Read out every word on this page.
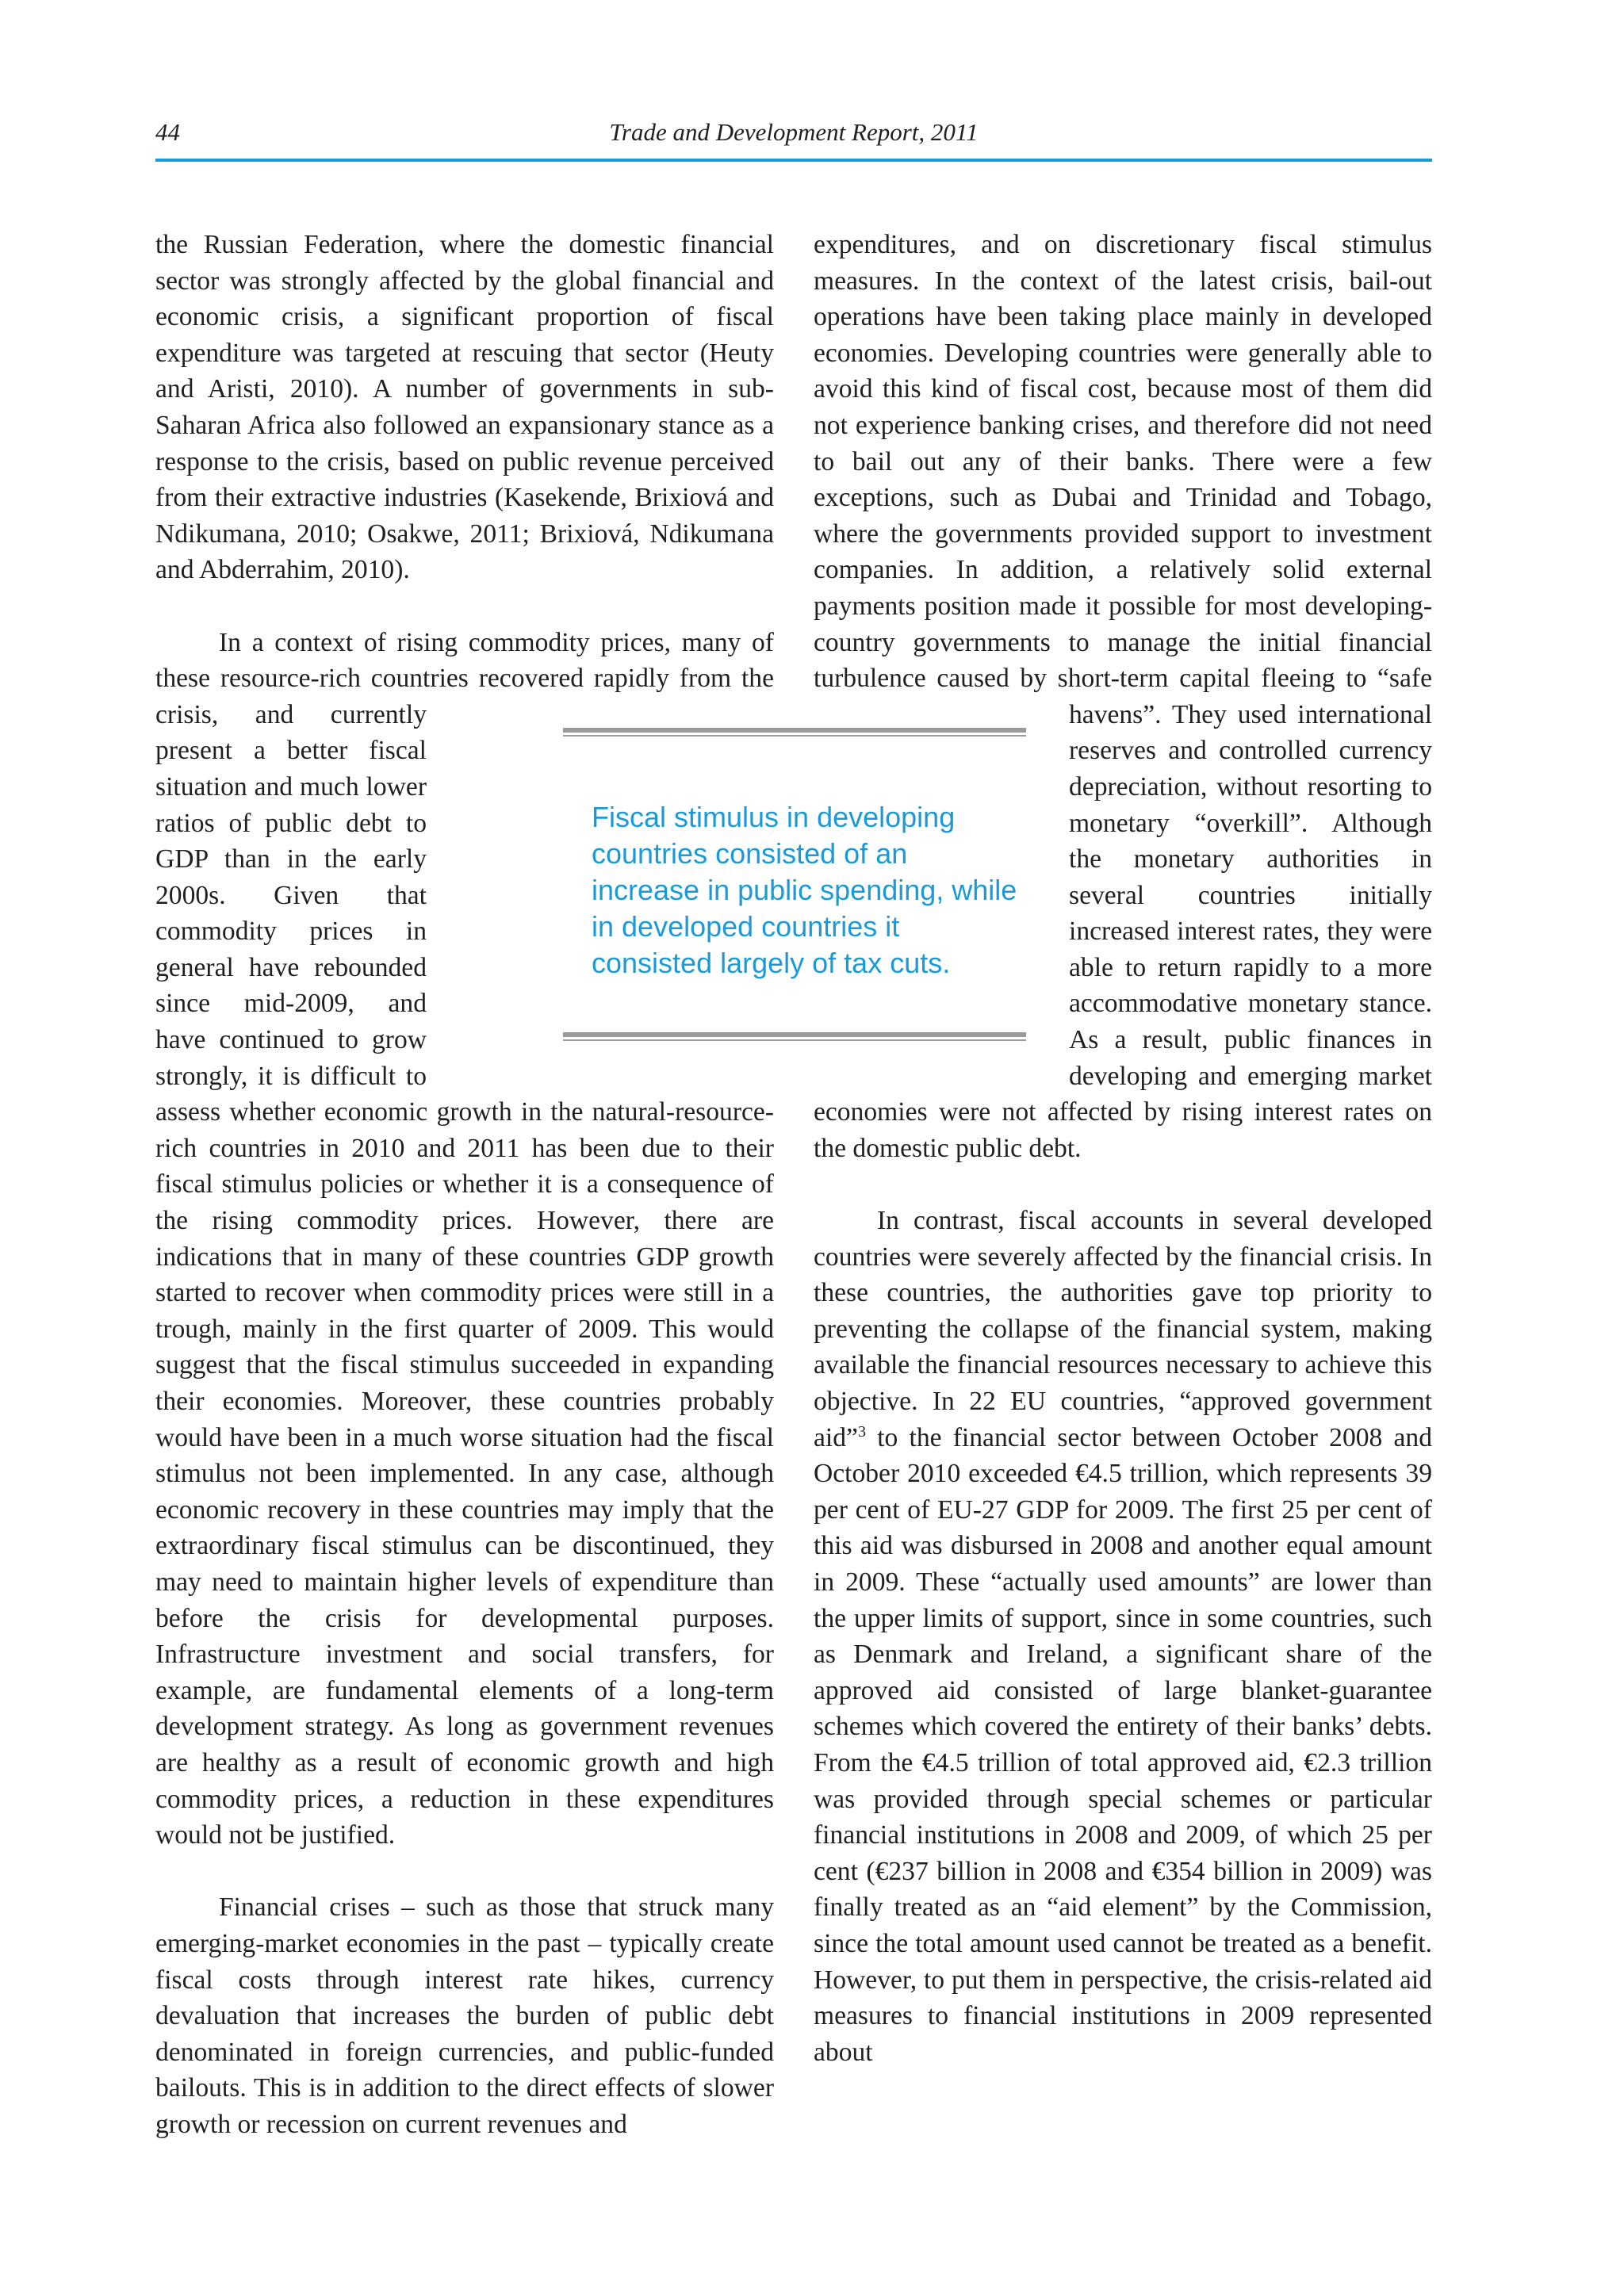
44	Trade and Development Report, 2011

the Russian Federation, where the domestic financial sector was strongly affected by the global financial and economic crisis, a significant proportion of fiscal expenditure was targeted at rescuing that sector (Heuty and Aristi, 2010). A number of governments in sub-Saharan Africa also followed an expansionary stance as a response to the crisis, based on public revenue perceived from their extractive industries (Kasekende, Brixiová and Ndikumana, 2010; Osakwe, 2011; Brixiová, Ndikumana and Abderrahim, 2010).

In a context of rising commodity prices, many of these resource-rich countries recovered rapidly from the crisis, and currently present a better fiscal situation and much lower ratios of public debt to GDP than in the early 2000s. Given that commodity prices in general have rebounded since mid-2009, and have continued to grow strongly, it is difficult to assess whether economic growth in the natural-resource-rich countries in 2010 and 2011 has been due to their fiscal stimulus policies or whether it is a consequence of the rising commodity prices. However, there are indications that in many of these countries GDP growth started to recover when commodity prices were still in a trough, mainly in the first quarter of 2009. This would suggest that the fiscal stimulus succeeded in expanding their economies. Moreover, these countries probably would have been in a much worse situation had the fiscal stimulus not been implemented. In any case, although economic recovery in these countries may imply that the extraordinary fiscal stimulus can be discontinued, they may need to maintain higher levels of expenditure than before the crisis for developmental purposes. Infrastructure investment and social transfers, for example, are fundamental elements of a long-term development strategy. As long as government revenues are healthy as a result of economic growth and high commodity prices, a reduction in these expenditures would not be justified.

Financial crises – such as those that struck many emerging-market economies in the past – typically create fiscal costs through interest rate hikes, currency devaluation that increases the burden of public debt denominated in foreign currencies, and public-funded bailouts. This is in addition to the direct effects of slower growth or recession on current revenues and

expenditures, and on discretionary fiscal stimulus measures. In the context of the latest crisis, bail-out operations have been taking place mainly in developed economies. Developing countries were generally able to avoid this kind of fiscal cost, because most of them did not experience banking crises, and therefore did not need to bail out any of their banks. There were a few exceptions, such as Dubai and Trinidad and Tobago, where the governments provided support to investment companies. In addition, a relatively solid external payments position made it possible for most developing-country governments to manage the initial financial turbulence caused by short-term capital fleeing to “safe havens”. They used international reserves and controlled currency depreciation, without resorting to monetary “overkill”. Although the monetary authorities in several countries initially increased interest rates, they were able to return rapidly to a more accommodative monetary stance. As a result, public finances in developing and emerging market economies were not affected by rising interest rates on the domestic public debt.

In contrast, fiscal accounts in several developed countries were severely affected by the financial crisis. In these countries, the authorities gave top priority to preventing the collapse of the financial system, making available the financial resources necessary to achieve this objective. In 22 EU countries, “approved government aid”$^3$ to the financial sector between October 2008 and October 2010 exceeded €4.5 trillion, which represents 39 per cent of EU-27 GDP for 2009. The first 25 per cent of this aid was disbursed in 2008 and another equal amount in 2009. These “actually used amounts” are lower than the upper limits of support, since in some countries, such as Denmark and Ireland, a significant share of the approved aid consisted of large blanket-guarantee schemes which covered the entirety of their banks’ debts. From the €4.5 trillion of total approved aid, €2.3 trillion was provided through special schemes or particular financial institutions in 2008 and 2009, of which 25 per cent (€237 billion in 2008 and €354 billion in 2009) was finally treated as an “aid element” by the Commission, since the total amount used cannot be treated as a benefit. However, to put them in perspective, the crisis-related aid measures to financial institutions in 2009 represented about

Fiscal stimulus in developing countries consisted of an increase in public spending, while in developed countries it consisted largely of tax cuts.
